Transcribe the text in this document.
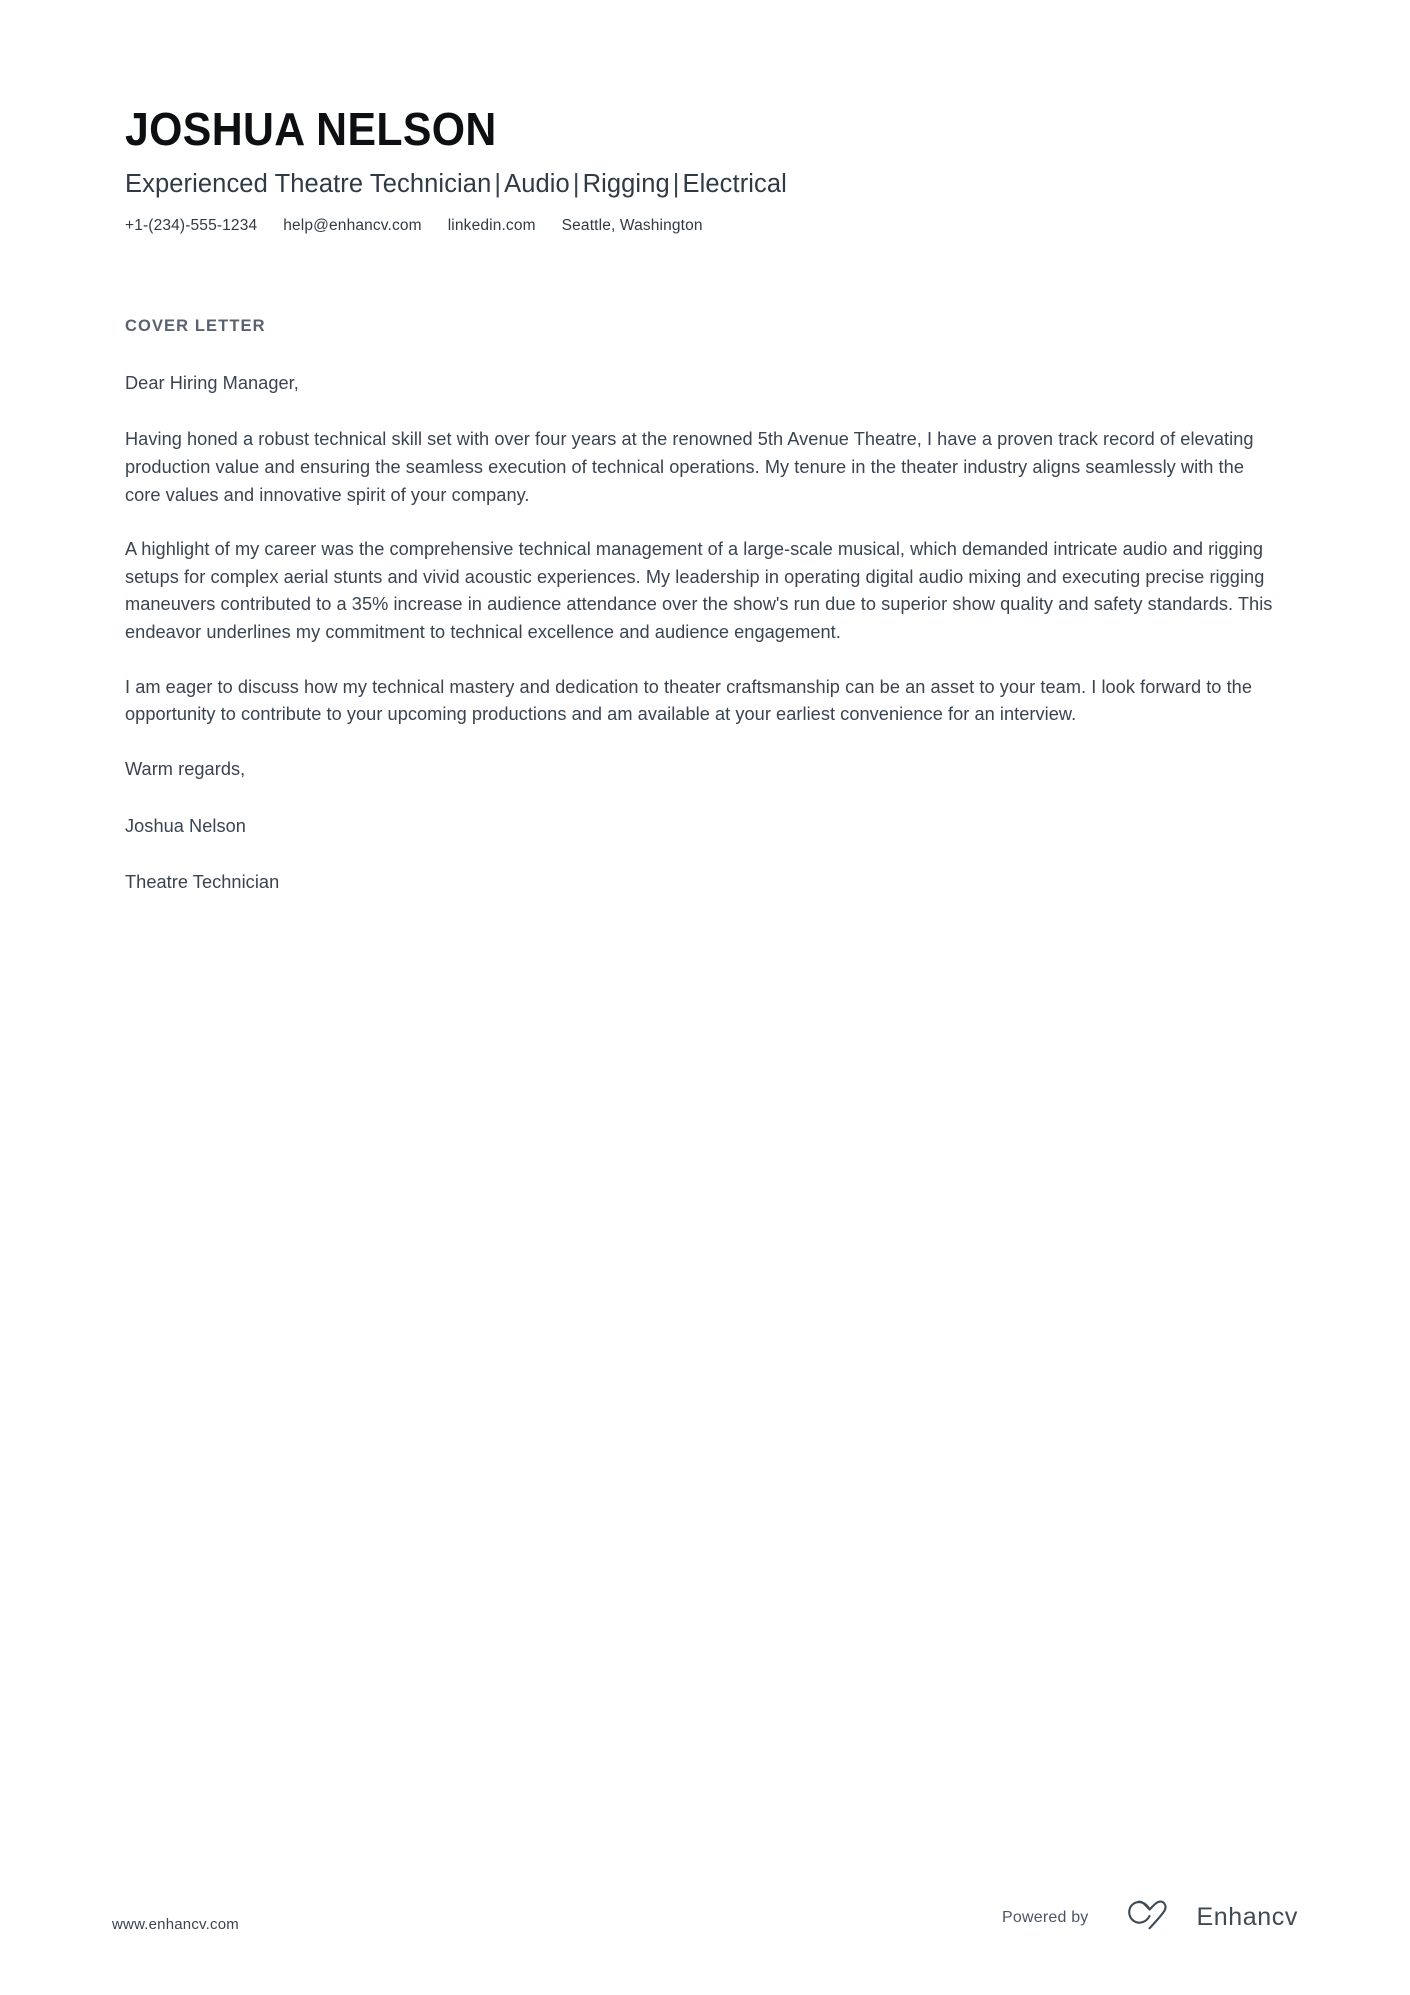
JOSHUA NELSON
Experienced Theatre Technician | Audio | Rigging | Electrical
+1-(234)-555-1234 help@enhancv.com linkedin.com Seattle, Washington
COVER LETTER

Dear Hiring Manager,

Having honed a robust technical skill set with over four years at the renowned 5th Avenue Theatre, I have a proven track record of elevating production value and ensuring the seamless execution of technical operations. My tenure in the theater industry aligns seamlessly with the core values and innovative spirit of your company.

A highlight of my career was the comprehensive technical management of a large-scale musical, which demanded intricate audio and rigging setups for complex aerial stunts and vivid acoustic experiences. My leadership in operating digital audio mixing and executing precise rigging maneuvers contributed to a 35% increase in audience attendance over the show's run due to superior show quality and safety standards. This endeavor underlines my commitment to technical excellence and audience engagement.

I am eager to discuss how my technical mastery and dedication to theater craftsmanship can be an asset to your team. I look forward to the opportunity to contribute to your upcoming productions and am available at your earliest convenience for an interview.

Warm regards,

Joshua Nelson

Theatre Technician

www.enhancv.com	Powered by	Enhancv
